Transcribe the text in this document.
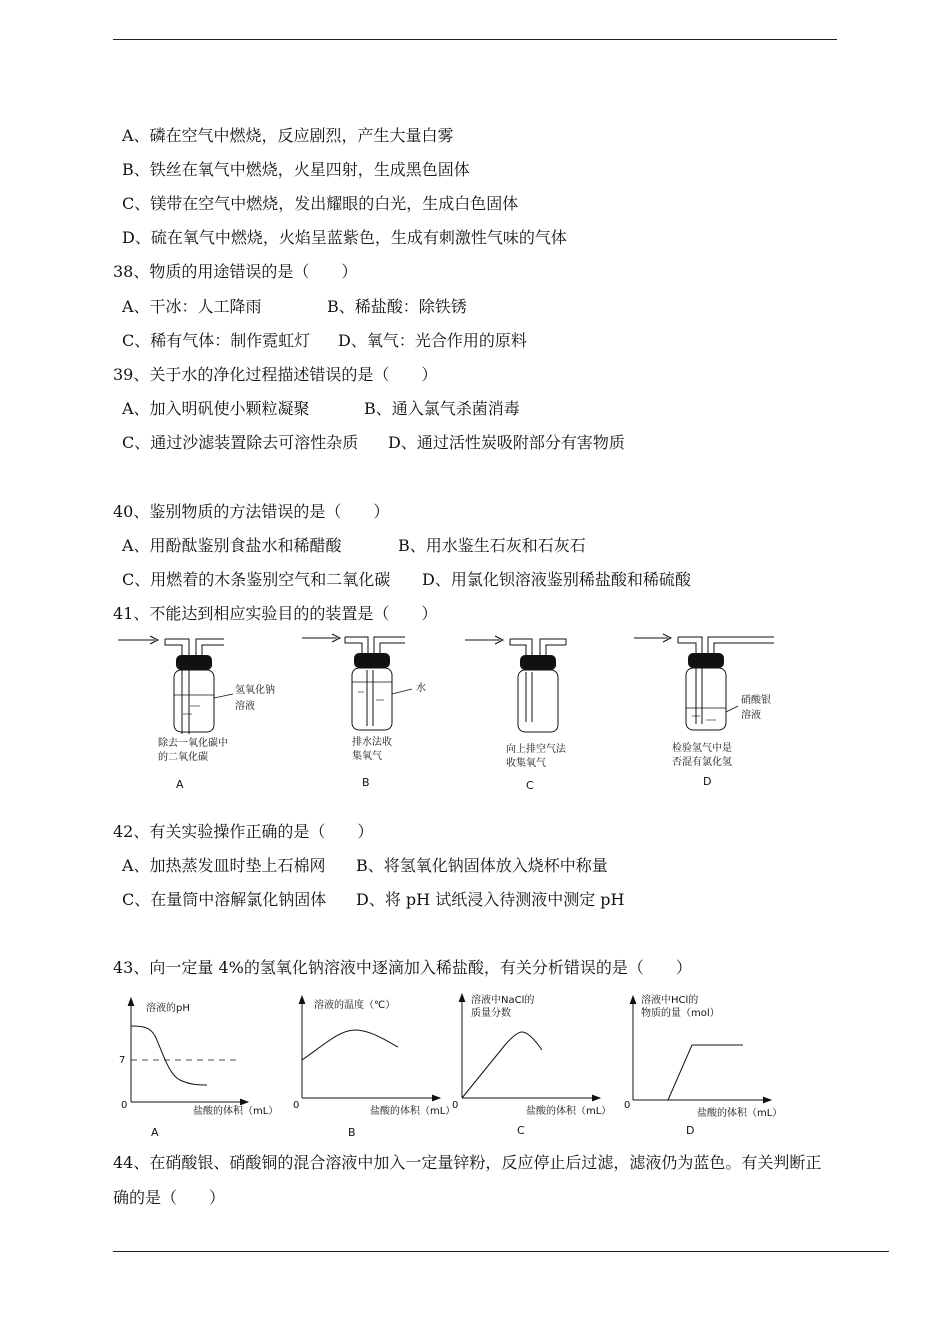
A、磷在空气中燃烧，反应剧烈，产生大量白雾
B、铁丝在氧气中燃烧，火星四射，生成黑色固体
C、镁带在空气中燃烧，发出耀眼的白光，生成白色固体
D、硫在氧气中燃烧，火焰呈蓝紫色，生成有刺激性气味的气体
38、物质的用途错误的是（　　）
A、干冰：人工降雨	B、稀盐酸：除铁锈
C、稀有气体：制作霓虹灯 D、氧气：光合作用的原料
39、关于水的净化过程描述错误的是（　　）
A、加入明矾使小颗粒凝聚	B、通入氯气杀菌消毒
C、通过沙滤装置除去可溶性杂质 D、通过活性炭吸附部分有害物质
40、鉴别物质的方法错误的是（　　）
A、用酚酞鉴别食盐水和稀醋酸	B、用水鉴生石灰和石灰石
C、用燃着的木条鉴别空气和二氧化碳 D、用氯化钡溶液鉴别稀盐酸和稀硫酸
41、不能达到相应实验目的的装置是（　　）
氢氧化钠
溶液
除去一氧化碳中
的二氧化碳
A
水
排水法收
集氧气
B
向上排空气法
收集氧气
C
硝酸银
溶液
检验氢气中是
否混有氯化氢
D
42、有关实验操作正确的是（　　）
A、加热蒸发皿时垫上石棉网 B、将氢氧化钠固体放入烧杯中称量
C、在量筒中溶解氯化钠固体 D、将 pH 试纸浸入待测液中测定 pH
43、向一定量 4%的氢氧化钠溶液中逐滴加入稀盐酸，有关分析错误的是（　　）
溶液的pH
7
0
盐酸的体积（mL）
A
溶液的温度（℃）
0
盐酸的体积（mL）
B
溶液中NaCl的
质量分数
0
盐酸的体积（mL）
C
溶液中HCl的
物质的量（mol）
0
盐酸的体积（mL）
D
44、在硝酸银、硝酸铜的混合溶液中加入一定量锌粉，反应停止后过滤，滤液仍为蓝色。有关判断正
确的是（　　）
